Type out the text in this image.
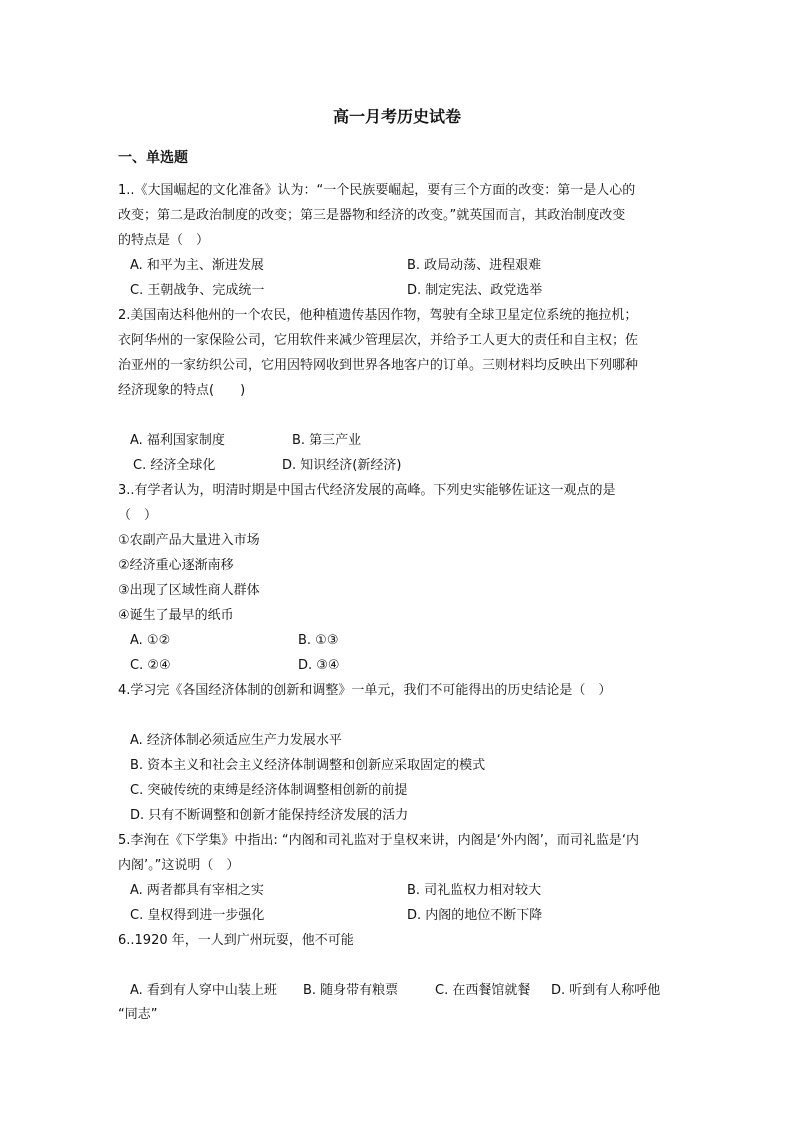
高一月考历史试卷
一、单选题
1..《大国崛起的文化准备》认为：“一个民族要崛起，要有三个方面的改变：第一是人心的
改变；第二是政治制度的改变；第三是器物和经济的改变。”就英国而言，其政治制度改变
的特点是（　）
A. 和平为主、渐进发展	B. 政局动荡、进程艰难
C. 王朝战争、完成统一	D. 制定宪法、政党选举
2.美国南达科他州的一个农民，他种植遗传基因作物，驾驶有全球卫星定位系统的拖拉机；
衣阿华州的一家保险公司，它用软件来减少管理层次，并给予工人更大的责任和自主权；佐
治亚州的一家纺织公司，它用因特网收到世界各地客户的订单。三则材料均反映出下列哪种
经济现象的特点(　　)
A. 福利国家制度	B. 第三产业
C. 经济全球化	D. 知识经济(新经济)
3..有学者认为，明清时期是中国古代经济发展的高峰。下列史实能够佐证这一观点的是
（　）
①农副产品大量进入市场
②经济重心逐渐南移
③出现了区域性商人群体
④诞生了最早的纸币
A. ①②	B. ①③
C. ②④	D. ③④
4.学习完《各国经济体制的创新和调整》一单元，我们不可能得出的历史结论是（　）
A. 经济体制必须适应生产力发展水平
B. 资本主义和社会主义经济体制调整和创新应采取固定的模式
C. 突破传统的束缚是经济体制调整相创新的前提
D. 只有不断调整和创新才能保持经济发展的活力
5.李洵在《下学集》中指出: “内阁和司礼监对于皇权来讲，内阁是‘外内阁’，而司礼监是‘内
内阁’。”这说明（　）
A. 两者都具有宰相之实	B. 司礼监权力相对较大
C. 皇权得到进一步强化	D. 内阁的地位不断下降
6..1920 年，一人到广州玩耍，他不可能
A. 看到有人穿中山装上班 B. 随身带有粮票	C. 在西餐馆就餐 D. 听到有人称呼他
“同志”
